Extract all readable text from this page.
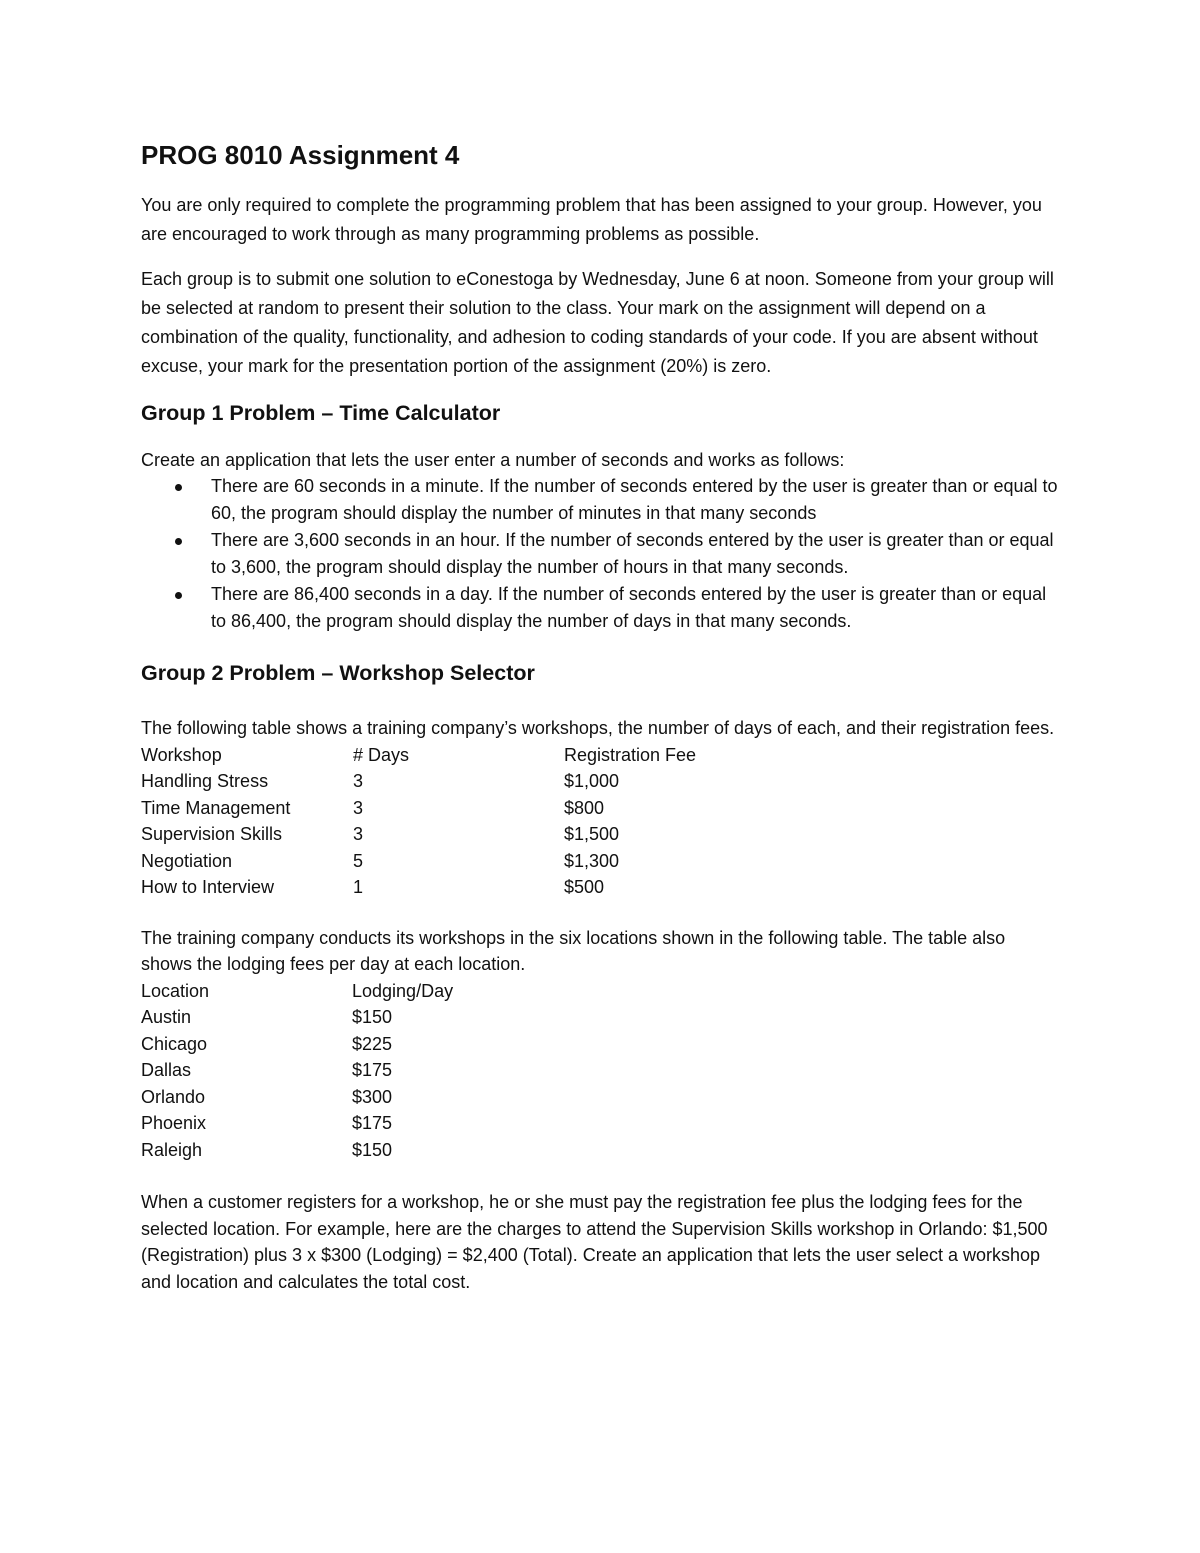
PROG 8010 Assignment 4

You are only required to complete the programming problem that has been assigned to your group. However, you are encouraged to work through as many programming problems as possible.

Each group is to submit one solution to eConestoga by Wednesday, June 6 at noon. Someone from your group will be selected at random to present their solution to the class. Your mark on the assignment will depend on a combination of the quality, functionality, and adhesion to coding standards of your code. If you are absent without excuse, your mark for the presentation portion of the assignment (20%) is zero.

Group 1 Problem – Time Calculator

Create an application that lets the user enter a number of seconds and works as follows:

There are 60 seconds in a minute. If the number of seconds entered by the user is greater than or equal to 60, the program should display the number of minutes in that many seconds
There are 3,600 seconds in an hour. If the number of seconds entered by the user is greater than or equal to 3,600, the program should display the number of hours in that many seconds.
There are 86,400 seconds in a day. If the number of seconds entered by the user is greater than or equal to 86,400, the program should display the number of days in that many seconds.
Group 2 Problem – Workshop Selector

The following table shows a training company’s workshops, the number of days of each, and their registration fees.

Workshop	# Days	Registration Fee
Handling Stress	3	$1,000
Time Management	3	$800
Supervision Skills	3	$1,500
Negotiation	5	$1,300
How to Interview	1	$500

The training company conducts its workshops in the six locations shown in the following table. The table also shows the lodging fees per day at each location.

Location	Lodging/Day
Austin	$150
Chicago	$225
Dallas	$175
Orlando	$300
Phoenix	$175
Raleigh	$150

When a customer registers for a workshop, he or she must pay the registration fee plus the lodging fees for the selected location. For example, here are the charges to attend the Supervision Skills workshop in Orlando: $1,500 (Registration) plus 3 x $300 (Lodging) = $2,400 (Total). Create an application that lets the user select a workshop and location and calculates the total cost.
